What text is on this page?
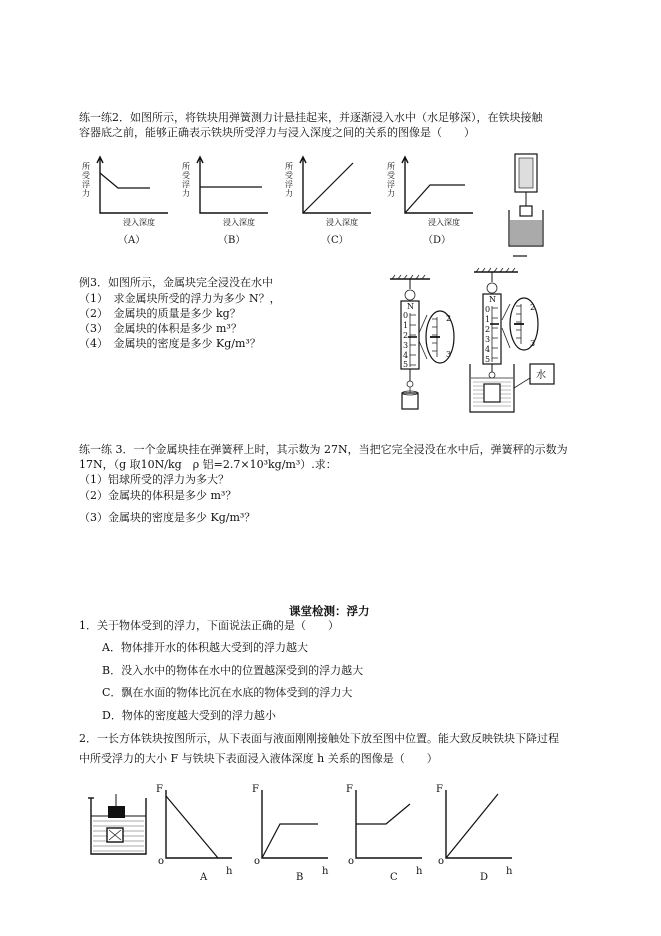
练一练2．如图所示，将铁块用弹簧测力计悬挂起来，并逐渐浸入水中（水足够深），在铁块接触
容器底之前，能够正确表示铁块所受浮力与浸入深度之间的关系的图像是（　　）
所
受
浮
力
浸入深度
（A）
所
受
浮
力
浸入深度
（B）
所
受
浮
力
浸入深度
（C）
所
受
浮
力
浸入深度
（D）
例3．如图所示，金属块完全浸没在水中
（1）　求金属块所受的浮力为多少 N？，
（2）　金属块的质量是多少 kg？
（3）　金属块的体积是多少 m³？
（4）　金属块的密度是多少 Kg/m³？
N
0
1
2
3
4
5
2
3
N
0
1
2
3
4
5
2
3
水
练一练 3．一个金属块挂在弹簧秤上时，其示数为 27N，当把它完全浸没在水中后，弹簧秤的示数为
17N，（g 取10N/kg　ρ 铝=2.7×10³kg/m³）.求：
（1）铝球所受的浮力为多大？
（2）金属块的体积是多少 m³？
（3）金属块的密度是多少 Kg/m³？
课堂检测：浮力
1．关于物体受到的浮力，下面说法正确的是（　　）
A．物体排开水的体积越大受到的浮力越大
B．没入水中的物体在水中的位置越深受到的浮力越大
C．飘在水面的物体比沉在水底的物体受到的浮力大
D．物体的密度越大受到的浮力越小
2．一长方体铁块按图所示，从下表面与液面刚刚接触处下放至图中位置。能大致反映铁块下降过程
中所受浮力的大小 F 与铁块下表面浸入液体深度 h 关系的图像是（　　）
F
o
h
A
F
o
h
B
F
o
h
C
F
o
h
D
